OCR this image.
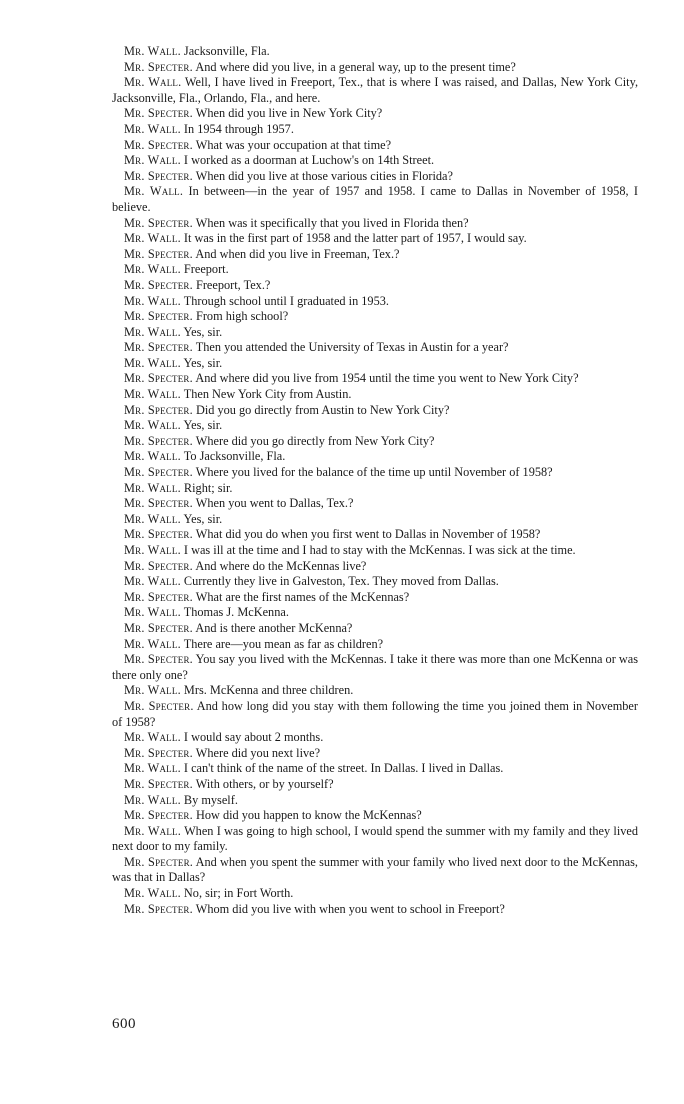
Mr. Wall. Jacksonville, Fla.

Mr. Specter. And where did you live, in a general way, up to the present time?

Mr. Wall. Well, I have lived in Freeport, Tex., that is where I was raised, and Dallas, New York City, Jacksonville, Fla., Orlando, Fla., and here.

Mr. Specter. When did you live in New York City?

Mr. Wall. In 1954 through 1957.

Mr. Specter. What was your occupation at that time?

Mr. Wall. I worked as a doorman at Luchow's on 14th Street.

Mr. Specter. When did you live at those various cities in Florida?

Mr. Wall. In between—in the year of 1957 and 1958. I came to Dallas in November of 1958, I believe.

Mr. Specter. When was it specifically that you lived in Florida then?

Mr. Wall. It was in the first part of 1958 and the latter part of 1957, I would say.

Mr. Specter. And when did you live in Freeman, Tex.?

Mr. Wall. Freeport.

Mr. Specter. Freeport, Tex.?

Mr. Wall. Through school until I graduated in 1953.

Mr. Specter. From high school?

Mr. Wall. Yes, sir.

Mr. Specter. Then you attended the University of Texas in Austin for a year?

Mr. Wall. Yes, sir.

Mr. Specter. And where did you live from 1954 until the time you went to New York City?

Mr. Wall. Then New York City from Austin.

Mr. Specter. Did you go directly from Austin to New York City?

Mr. Wall. Yes, sir.

Mr. Specter. Where did you go directly from New York City?

Mr. Wall. To Jacksonville, Fla.

Mr. Specter. Where you lived for the balance of the time up until November of 1958?

Mr. Wall. Right; sir.

Mr. Specter. When you went to Dallas, Tex.?

Mr. Wall. Yes, sir.

Mr. Specter. What did you do when you first went to Dallas in November of 1958?

Mr. Wall. I was ill at the time and I had to stay with the McKennas. I was sick at the time.

Mr. Specter. And where do the McKennas live?

Mr. Wall. Currently they live in Galveston, Tex. They moved from Dallas.

Mr. Specter. What are the first names of the McKennas?

Mr. Wall. Thomas J. McKenna.

Mr. Specter. And is there another McKenna?

Mr. Wall. There are—you mean as far as children?

Mr. Specter. You say you lived with the McKennas. I take it there was more than one McKenna or was there only one?

Mr. Wall. Mrs. McKenna and three children.

Mr. Specter. And how long did you stay with them following the time you joined them in November of 1958?

Mr. Wall. I would say about 2 months.

Mr. Specter. Where did you next live?

Mr. Wall. I can't think of the name of the street. In Dallas. I lived in Dallas.

Mr. Specter. With others, or by yourself?

Mr. Wall. By myself.

Mr. Specter. How did you happen to know the McKennas?

Mr. Wall. When I was going to high school, I would spend the summer with my family and they lived next door to my family.

Mr. Specter. And when you spent the summer with your family who lived next door to the McKennas, was that in Dallas?

Mr. Wall. No, sir; in Fort Worth.

Mr. Specter. Whom did you live with when you went to school in Freeport?

600
